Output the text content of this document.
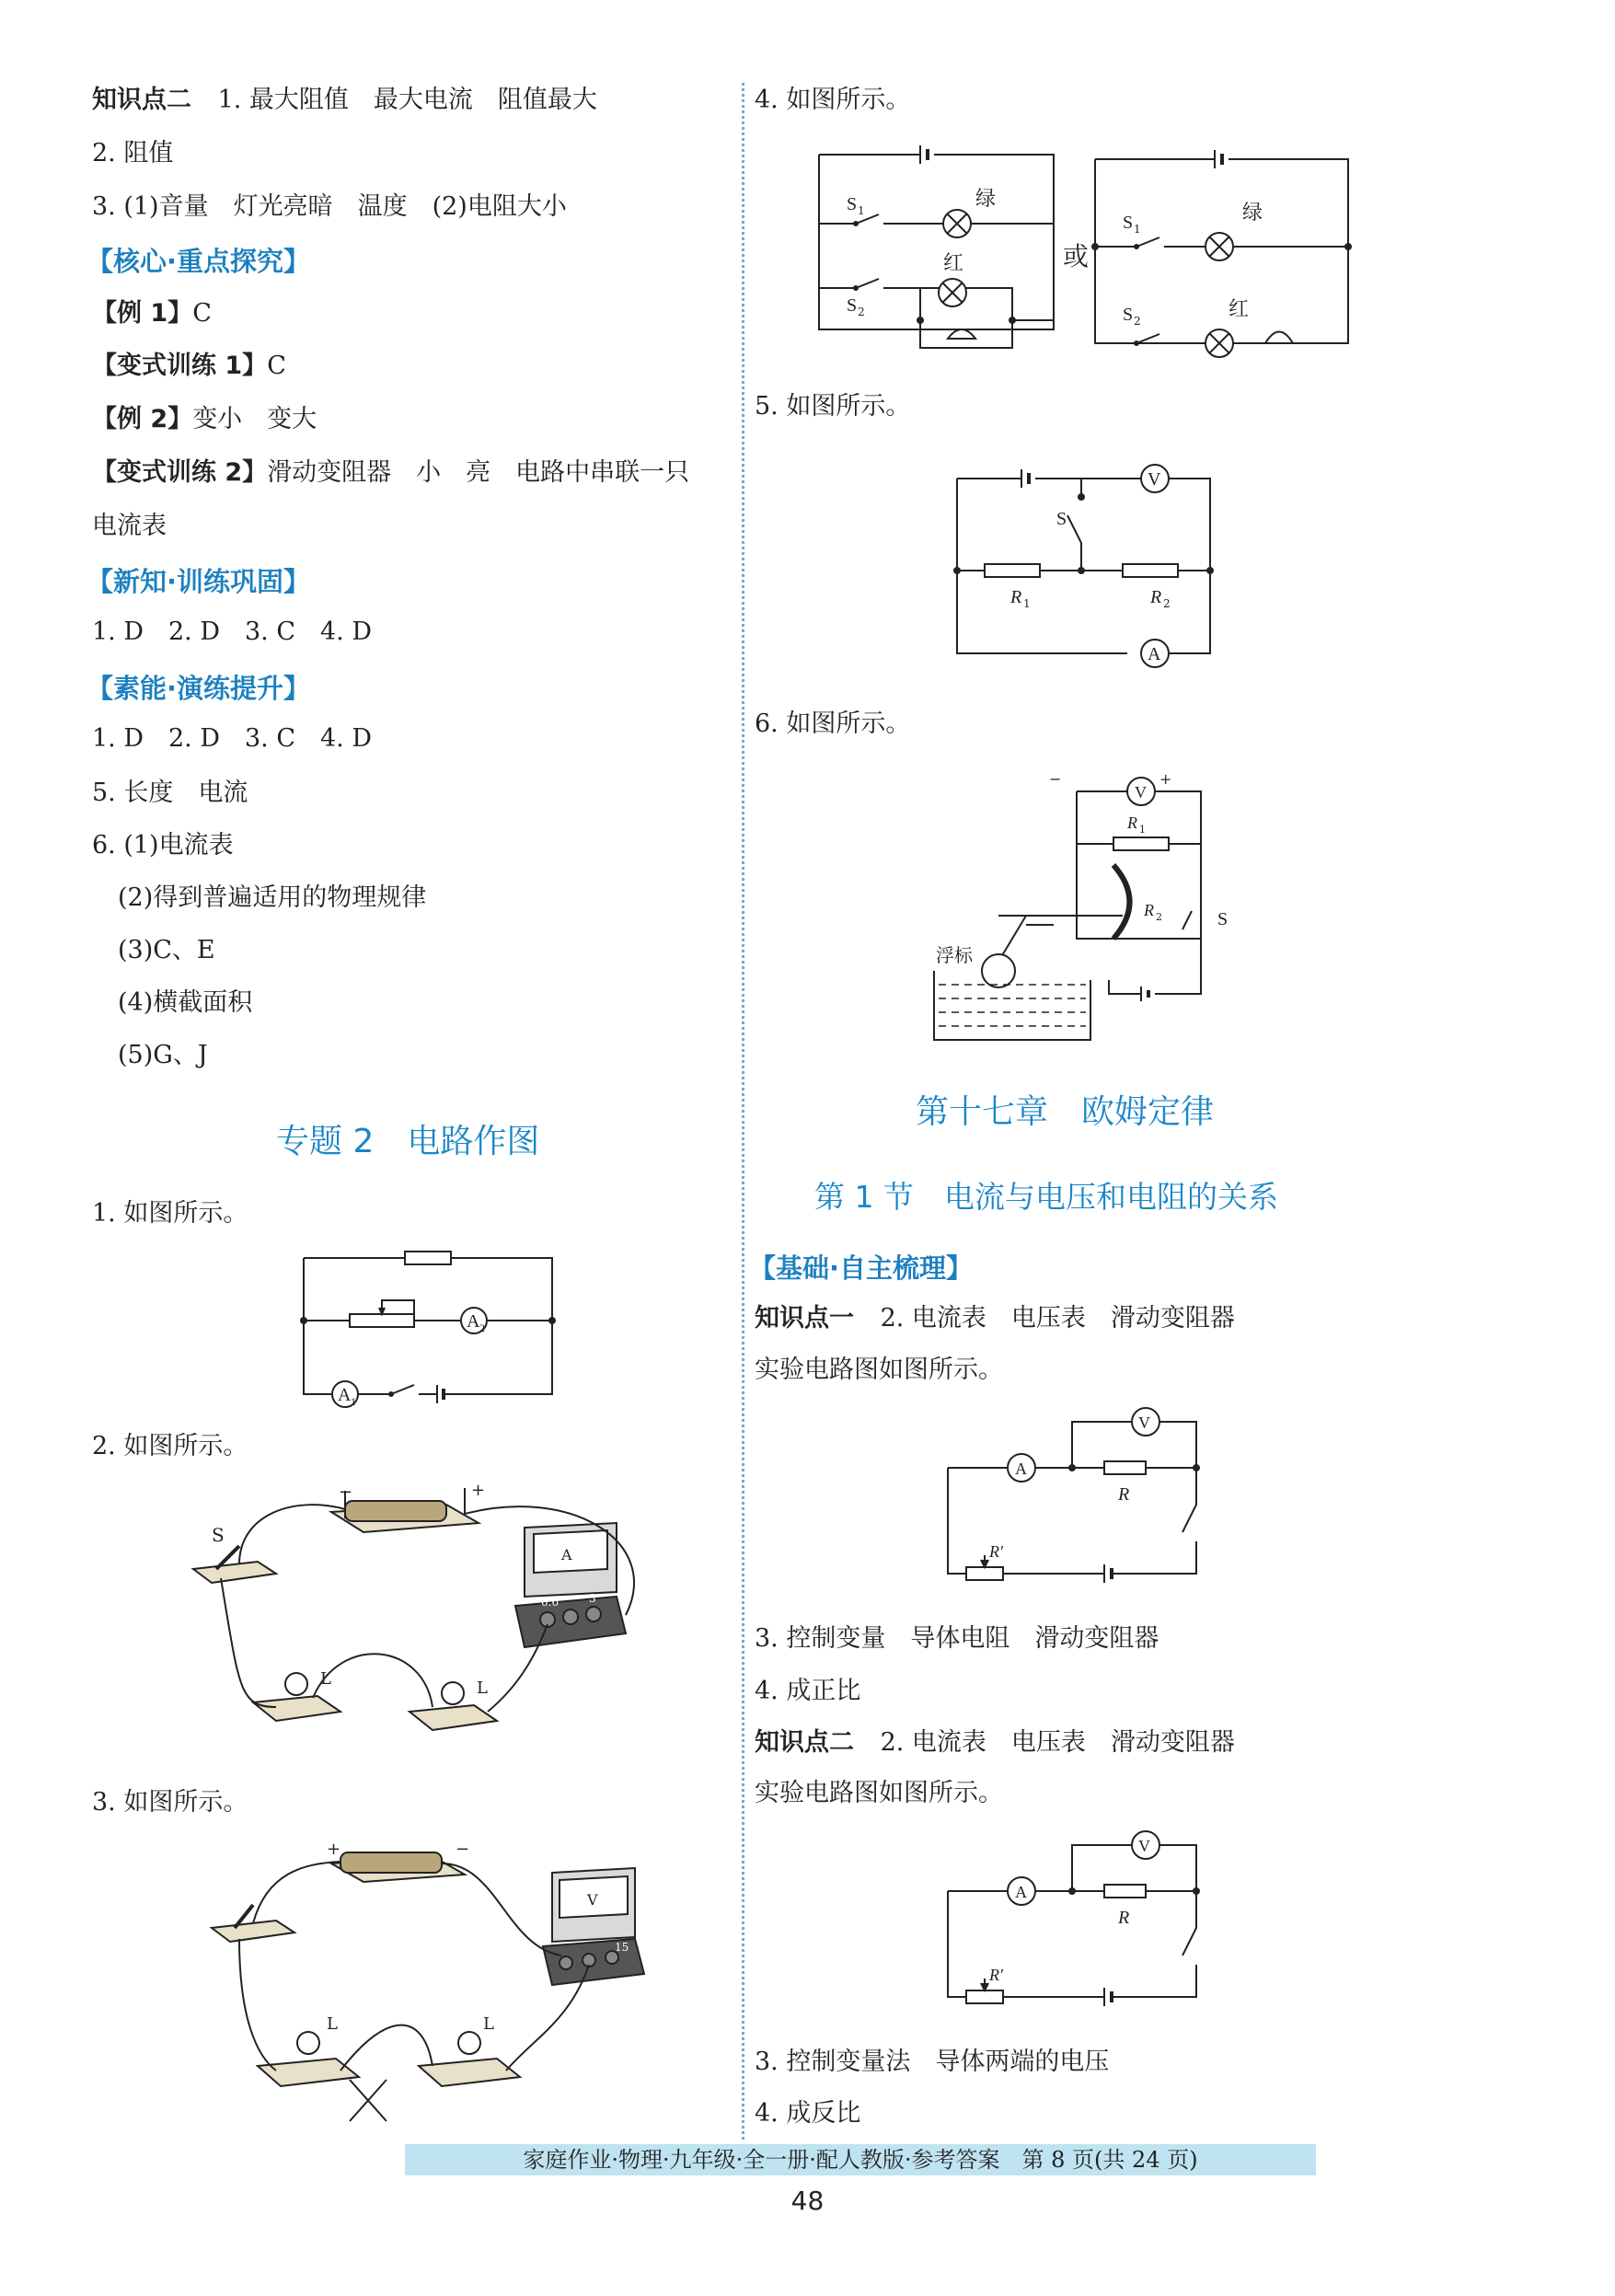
知识点二 1. 最大阻值　最大电流　阻值最大
2. 阻值
3. (1)音量　灯光亮暗　温度　(2)电阻大小
【核心·重点探究】
【例 1】C
【变式训练 1】C
【例 2】变小　变大
【变式训练 2】滑动变阻器　小　亮　电路中串联一只
电流表
【新知·训练巩固】
1. D　2. D　3. C　4. D
【素能·演练提升】
1. D　2. D　3. C　4. D
5. 长度　电流
6. (1)电流表
(2)得到普遍适用的物理规律
(3)C、E
(4)横截面积
(5)G、J
专题 2　电路作图
1. 如图所示。
2. 如图所示。
3. 如图所示。
A 2
A 1
−	+
S
A
0.6	3
L	L
+	−
V
15
L	L
4. 如图所示。
或
5. 如图所示。
6. 如图所示。
第十七章　欧姆定律
第 1 节　电流与电压和电阻的关系
【基础·自主梳理】
知识点一 2. 电流表　电压表　滑动变阻器
实验电路图如图所示。
3. 控制变量　导体电阻　滑动变阻器
4. 成正比
知识点二 2. 电流表　电压表　滑动变阻器
实验电路图如图所示。
3. 控制变量法　导体两端的电压
4. 成反比
S 1
S 2
绿
红
S 1
S 2
绿
红
S
V
A
R 1	R 2
−	+
V
R 1
R 2
浮标
S
V
A
R
R′
V
A
R
R′
家庭作业·物理·九年级·全一册·配人教版·参考答案　第 8 页(共 24 页)
48
